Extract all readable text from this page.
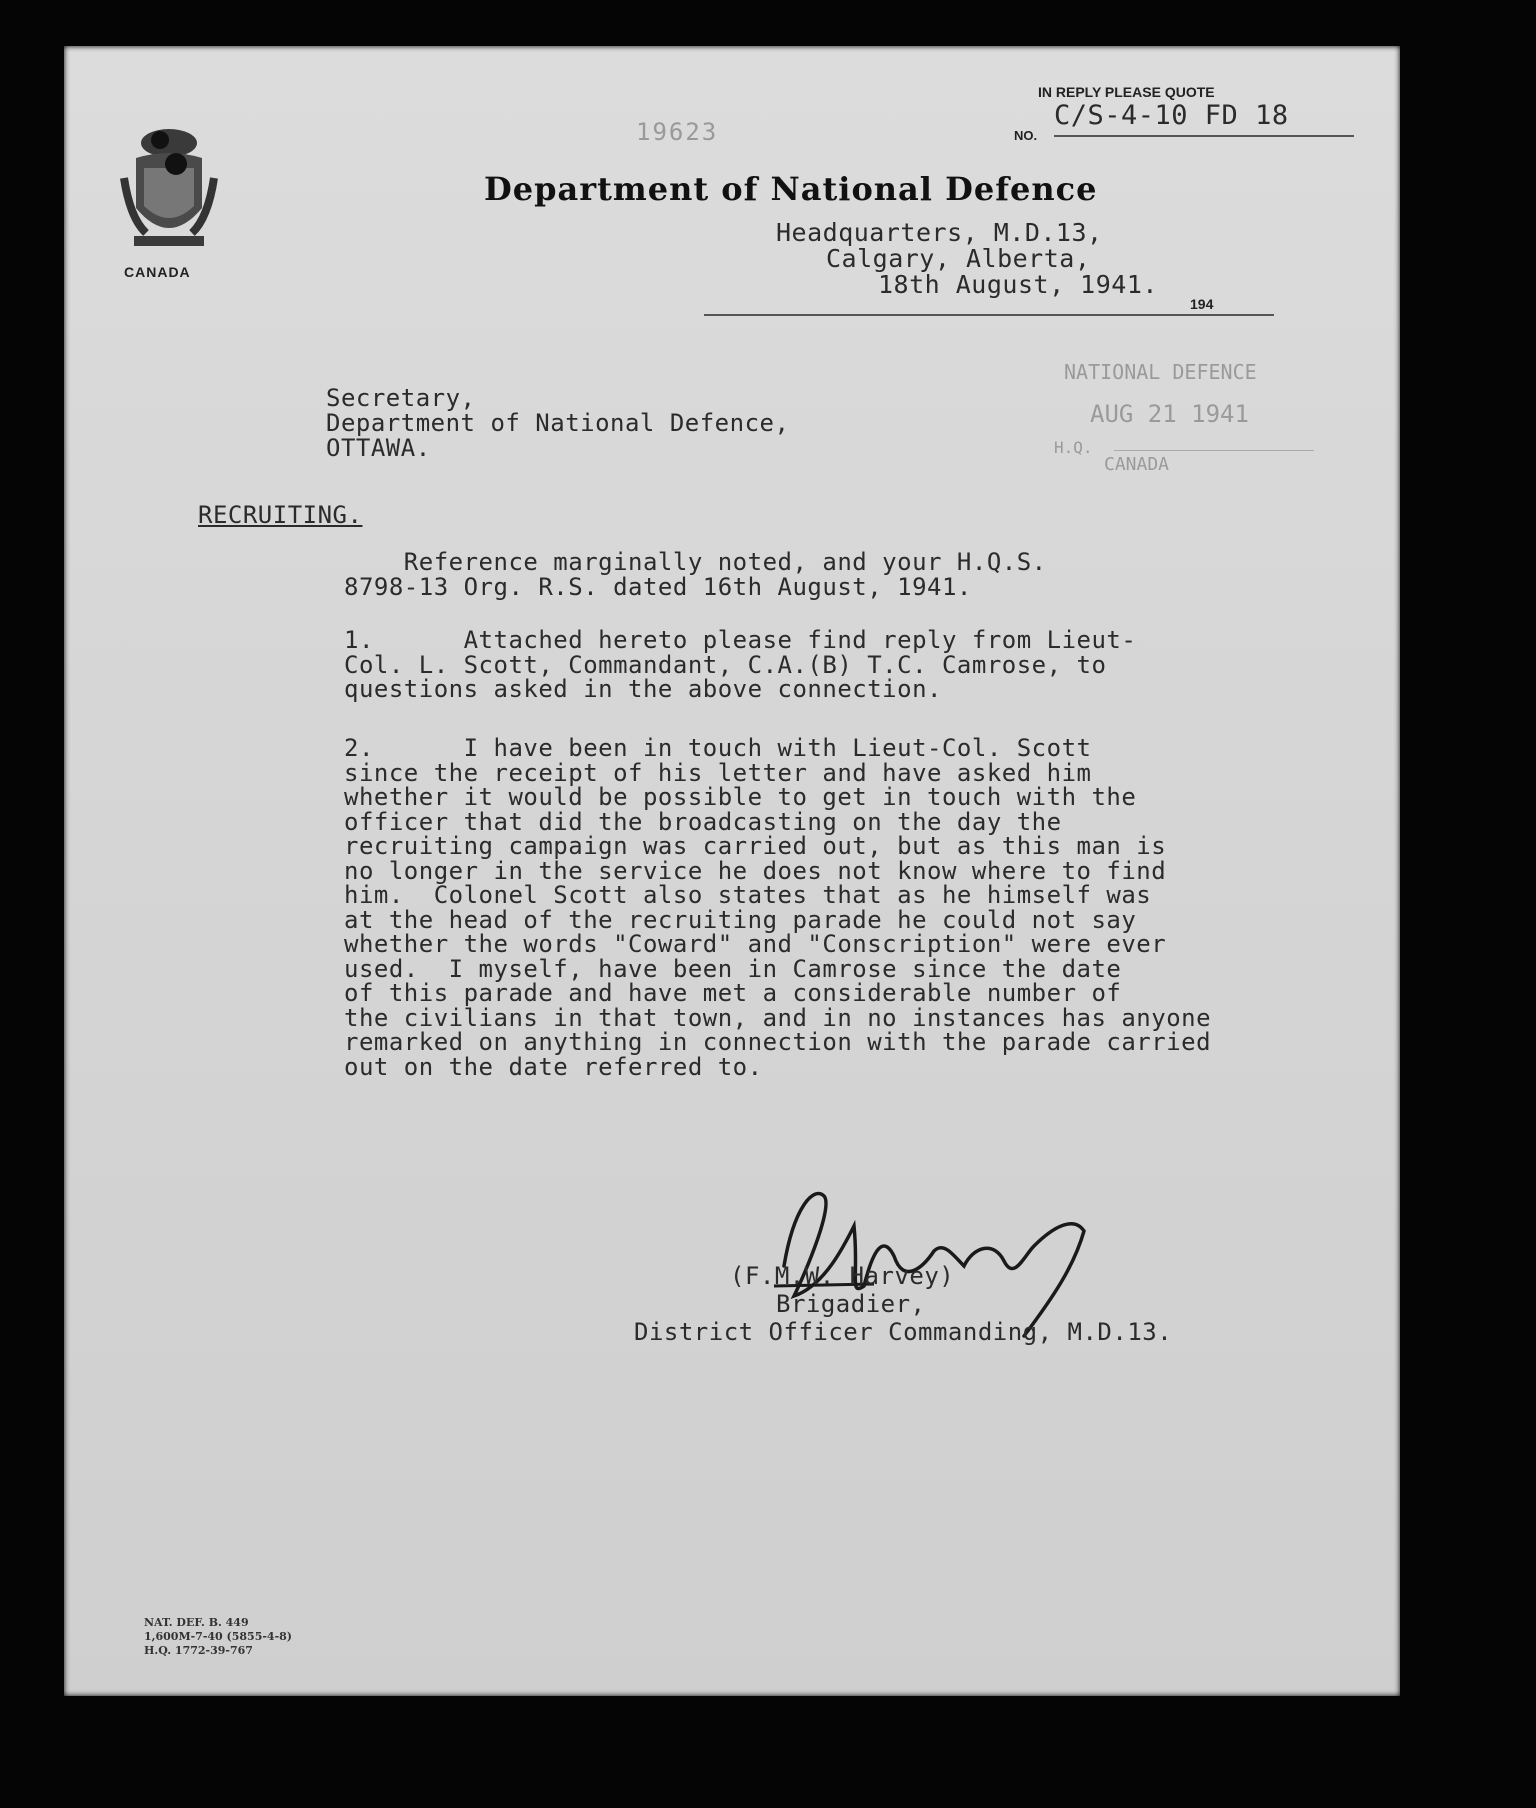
CANADA
IN REPLY PLEASE QUOTE
NO.
C/S-4-10 FD 18
19623
Department of National Defence
Headquarters, M.D.13,
Calgary, Alberta,
18th August, 1941.
194
NATIONAL DEFENCE
AUG 21 1941
H.Q.
CANADA
Secretary,
Department of National Defence,
OTTAWA.
RECRUITING.
Reference marginally noted, and your H.Q.S.
8798-13 Org. R.S. dated 16th August, 1941.
1.      Attached hereto please find reply from Lieut-
Col. L. Scott, Commandant, C.A.(B) T.C. Camrose, to
questions asked in the above connection.
2.      I have been in touch with Lieut-Col. Scott
since the receipt of his letter and have asked him
whether it would be possible to get in touch with the
officer that did the broadcasting on the day the
recruiting campaign was carried out, but as this man is
no longer in the service he does not know where to find
him.  Colonel Scott also states that as he himself was
at the head of the recruiting parade he could not say
whether the words "Coward" and "Conscription" were ever
used.  I myself, have been in Camrose since the date
of this parade and have met a considerable number of
the civilians in that town, and in no instances has anyone
remarked on anything in connection with the parade carried
out on the date referred to.
(F.M.W. Harvey)
Brigadier,
District Officer Commanding, M.D.13.
NAT. DEF. B. 449
1,600M-7-40 (5855-4-8)
H.Q. 1772-39-767
